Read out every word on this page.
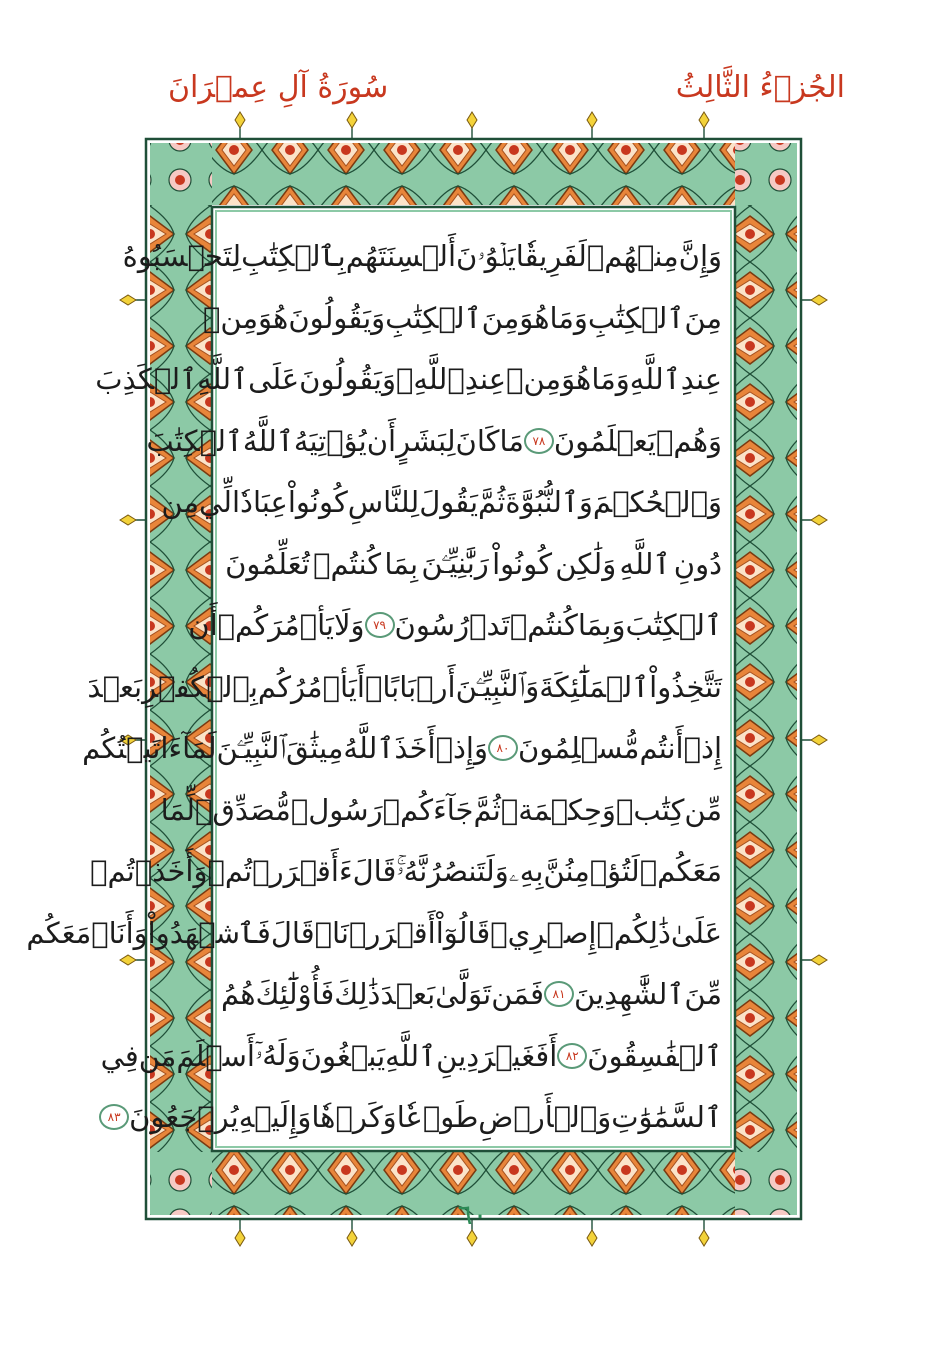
الجُزۡءُ الثَّالِثُ
سُورَةُ آلِ عِمۡرَانَ
وَإِنَّ
مِنۡهُمۡ
لَفَرِيقٗا
يَلۡوُۥنَ
أَلۡسِنَتَهُم
بِٱلۡكِتَٰبِ
لِتَحۡسَبُوهُ
مِنَ
ٱلۡكِتَٰبِ
وَمَا
هُوَ
مِنَ
ٱلۡكِتَٰبِ
وَيَقُولُونَ
هُوَ
مِنۡ
عِندِ
ٱللَّهِ
وَمَا
هُوَ
مِنۡ
عِندِ
ٱللَّهِۖ
وَيَقُولُونَ
عَلَى
ٱللَّهِ
ٱلۡكَذِبَ
وَهُمۡ
يَعۡلَمُونَ
٧٨
مَا
كَانَ
لِبَشَرٍ
أَن
يُؤۡتِيَهُ
ٱللَّهُ
ٱلۡكِتَٰبَ
وَٱلۡحُكۡمَ
وَٱلنُّبُوَّةَ
ثُمَّ
يَقُولَ
لِلنَّاسِ
كُونُواْ
عِبَادٗا
لِّي
مِن
دُونِ
ٱللَّهِ
وَلَٰكِن
كُونُواْ
رَبَّٰنِيِّـۧنَ
بِمَا
كُنتُمۡ
تُعَلِّمُونَ
ٱلۡكِتَٰبَ
وَبِمَا
كُنتُمۡ
تَدۡرُسُونَ
٧٩
وَلَا
يَأۡمُرَكُمۡ
أَن
تَتَّخِذُواْ
ٱلۡمَلَٰٓئِكَةَ
وَٱلنَّبِيِّـۧنَ
أَرۡبَابًاۗ
أَيَأۡمُرُكُم
بِٱلۡكُفۡرِ
بَعۡدَ
إِذۡ
أَنتُم
مُّسۡلِمُونَ
٨٠
وَإِذۡ
أَخَذَ
ٱللَّهُ
مِيثَٰقَ
ٱلنَّبِيِّـۧنَ
لَمَآ
ءَاتَيۡتُكُم
مِّن
كِتَٰبٖ
وَحِكۡمَةٖ
ثُمَّ
جَآءَكُمۡ
رَسُولٞ
مُّصَدِّقٞ
لِّمَا
مَعَكُمۡ
لَتُؤۡمِنُنَّ
بِهِۦ
وَلَتَنصُرُنَّهُۥۚ
قَالَ
ءَأَقۡرَرۡتُمۡ
وَأَخَذۡتُمۡ
عَلَىٰ
ذَٰلِكُمۡ
إِصۡرِيۖ
قَالُوٓاْ
أَقۡرَرۡنَاۚ
قَالَ
فَٱشۡهَدُواْ
وَأَنَا۠
مَعَكُم
مِّنَ
ٱلشَّٰهِدِينَ
٨١
فَمَن
تَوَلَّىٰ
بَعۡدَ
ذَٰلِكَ
فَأُوْلَٰٓئِكَ
هُمُ
ٱلۡفَٰسِقُونَ
٨٢
أَفَغَيۡرَ
دِينِ
ٱللَّهِ
يَبۡغُونَ
وَلَهُۥٓ
أَسۡلَمَ
مَن
فِي
ٱلسَّمَٰوَٰتِ
وَٱلۡأَرۡضِ
طَوۡعٗا
وَكَرۡهٗا
وَإِلَيۡهِ
يُرۡجَعُونَ
٨٣
٦٠
